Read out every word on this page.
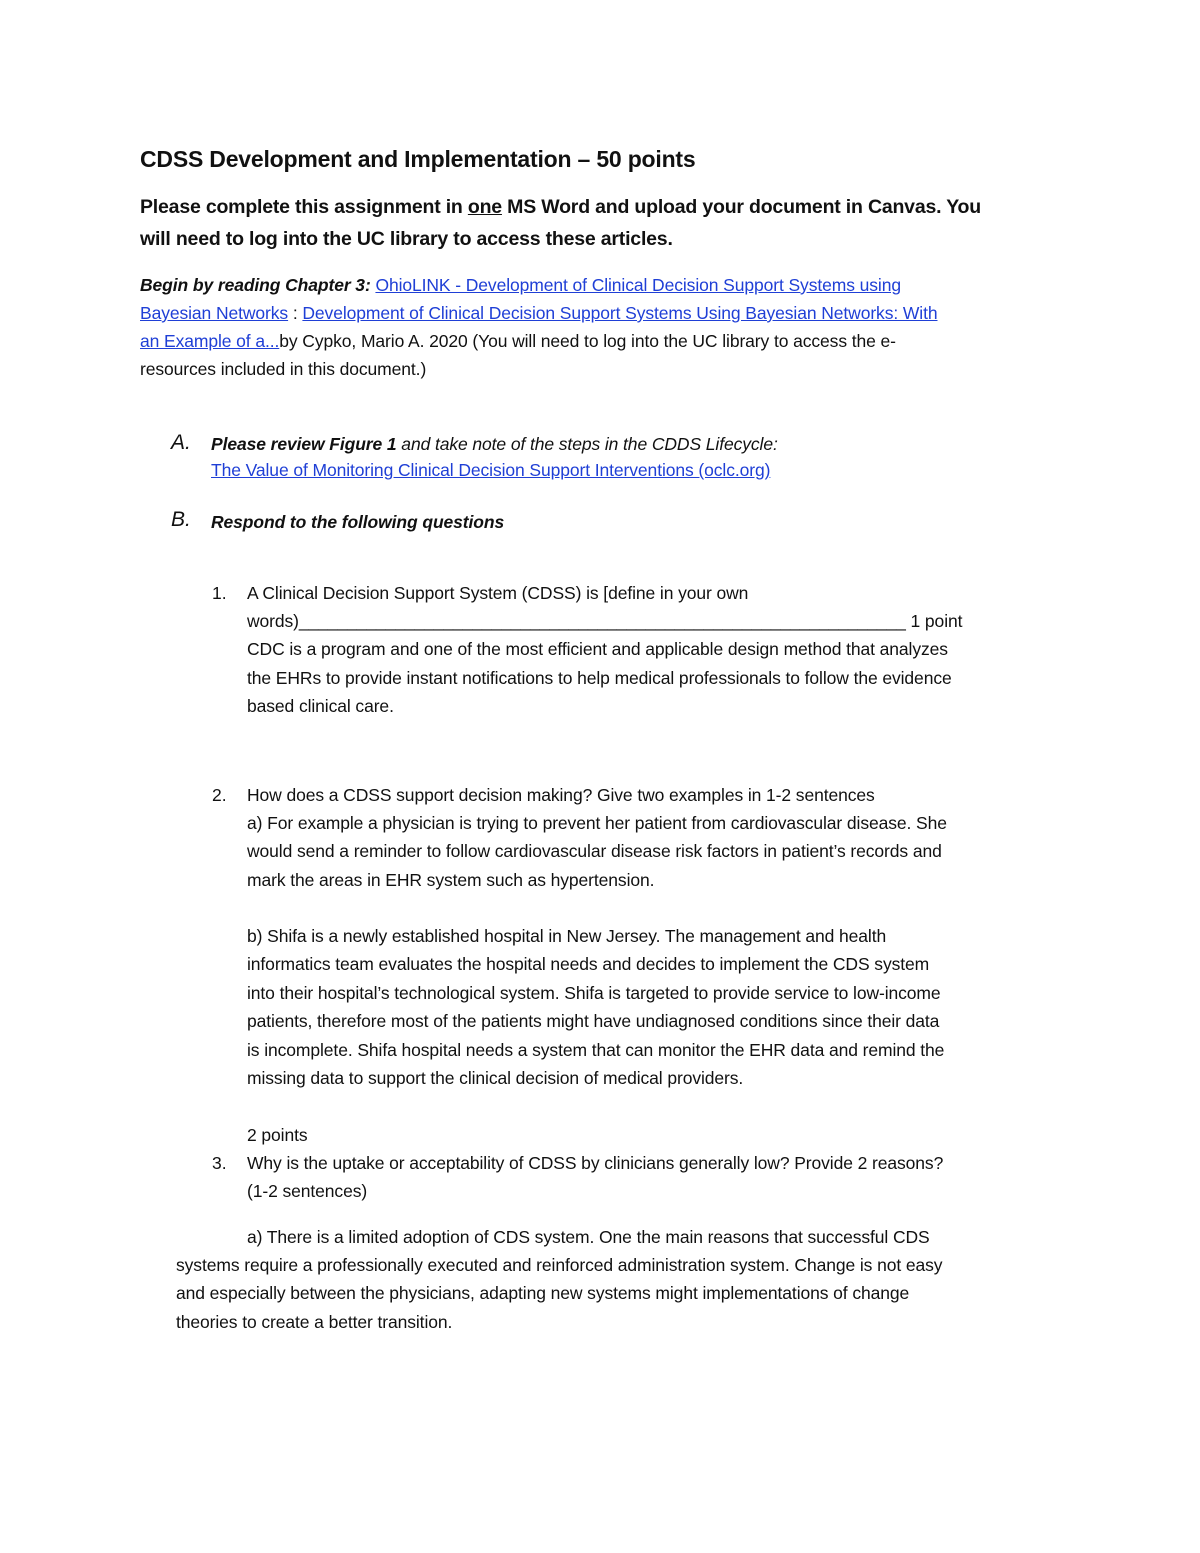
CDSS Development and Implementation – 50 points
Please complete this assignment in one MS Word and upload your document in Canvas. You
will need to log into the UC library to access these articles.
Begin by reading Chapter 3: OhioLINK - Development of Clinical Decision Support Systems using
Bayesian Networks : Development of Clinical Decision Support Systems Using Bayesian Networks: With
an Example of a...by Cypko, Mario A. 2020 (You will need to log into the UC library to access the e-
resources included in this document.)
A. Please review Figure 1 and take note of the steps in the CDDS Lifecycle:
The Value of Monitoring Clinical Decision Support Interventions (oclc.org)
B. Respond to the following questions
1. A Clinical Decision Support System (CDSS) is [define in your own
words)_______________________________________________________________ 1 point
CDC is a program and one of the most efficient and applicable design method that analyzes
the EHRs to provide instant notifications to help medical professionals to follow the evidence
based clinical care.
2. How does a CDSS support decision making? Give two examples in 1-2 sentences
a) For example a physician is trying to prevent her patient from cardiovascular disease. She
would send a reminder to follow cardiovascular disease risk factors in patient’s records and
mark the areas in EHR system such as hypertension.
b) Shifa is a newly established hospital in New Jersey. The management and health
informatics team evaluates the hospital needs and decides to implement the CDS system
into their hospital’s technological system. Shifa is targeted to provide service to low-income
patients, therefore most of the patients might have undiagnosed conditions since their data
is incomplete. Shifa hospital needs a system that can monitor the EHR data and remind the
missing data to support the clinical decision of medical providers.
2 points
3. Why is the uptake or acceptability of CDSS by clinicians generally low? Provide 2 reasons?
(1-2 sentences)
a) There is a limited adoption of CDS system. One the main reasons that successful CDS
systems require a professionally executed and reinforced administration system. Change is not easy
and especially between the physicians, adapting new systems might implementations of change
theories to create a better transition.
